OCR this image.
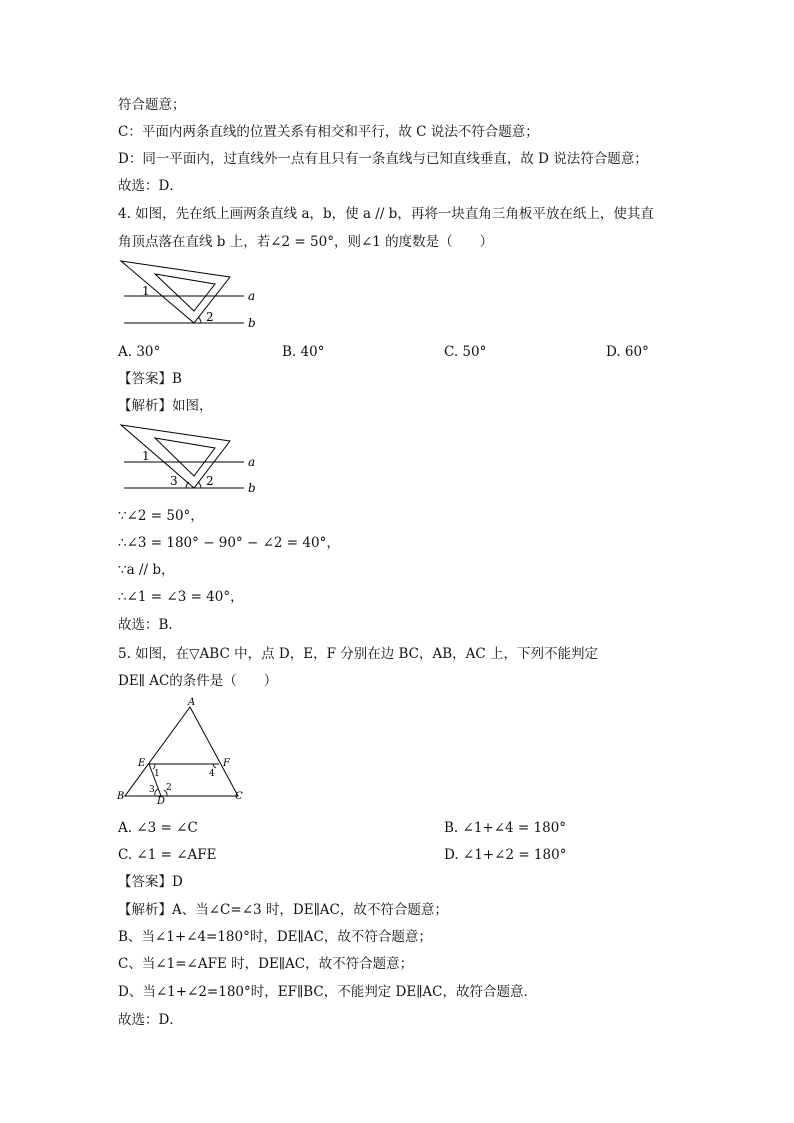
符合题意；
C：平面内两条直线的位置关系有相交和平行，故 C 说法不符合题意；
D：同一平面内，过直线外一点有且只有一条直线与已知直线垂直，故 D 说法符合题意；
故选：D．
4. 如图，先在纸上画两条直线 a，b，使 a // b，再将一块直角三角板平放在纸上，使其直
角顶点落在直线 b 上，若∠2 = 50°，则∠1 的度数是（　　）
1
2
a
b
A. 30°	B. 40°	C. 50°	D. 60°
【答案】B
【解析】如图，
1
3 2
a
b
∵∠2 = 50°，
∴∠3 = 180° − 90° − ∠2 = 40°，
∵a // b，
∴∠1 = ∠3 = 40°，
故选：B.
5. 如图，在▽ABC 中，点 D，E，F 分别在边 BC，AB，AC 上，下列不能判定
DE∥ AC的条件是（　　）
A
E	F
B	C
D
1
2
3
4
A. ∠3 = ∠C	B. ∠1+∠4 = 180°
C. ∠1 = ∠AFE	D. ∠1+∠2 = 180°
【答案】D
【解析】A、当∠C=∠3 时，DE∥AC，故不符合题意；
B、当∠1+∠4=180°时，DE∥AC，故不符合题意；
C、当∠1=∠AFE 时，DE∥AC，故不符合题意；
D、当∠1+∠2=180°时，EF∥BC，不能判定 DE∥AC，故符合题意．
故选：D．
